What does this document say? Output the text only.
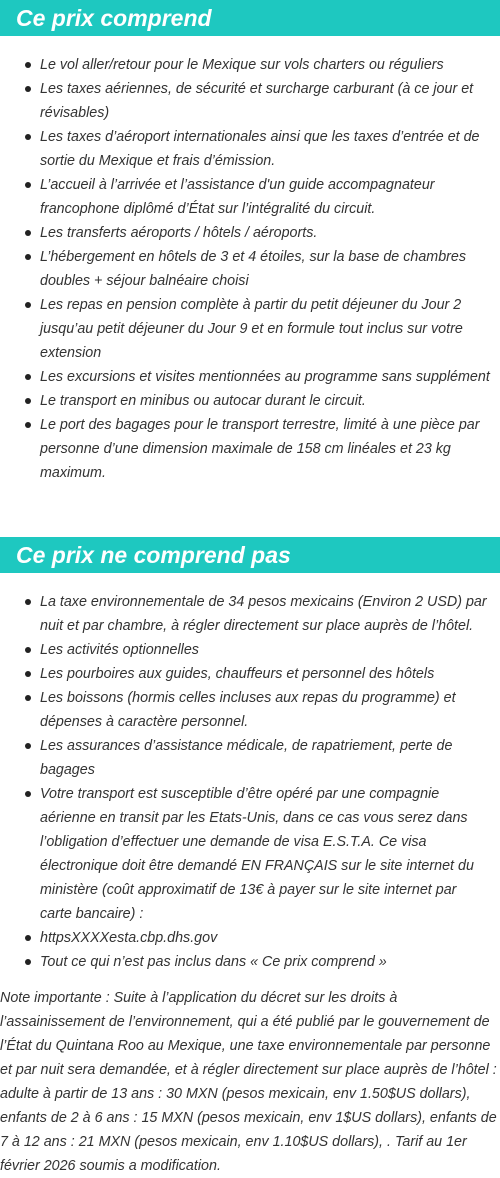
Ce prix comprend
Le vol aller/retour pour le Mexique sur vols charters ou réguliers
Les taxes aériennes, de sécurité et surcharge carburant (à ce jour et révisables)
Les taxes d’aéroport internationales ainsi que les taxes d’entrée et de sortie du Mexique et frais d’émission.
L’accueil à l’arrivée et l’assistance d'un guide accompagnateur francophone diplômé d’État sur l’intégralité du circuit.
Les transferts aéroports / hôtels / aéroports.
L’hébergement en hôtels de 3 et 4 étoiles, sur la base de chambres doubles + séjour balnéaire choisi
Les repas en pension complète à partir du petit déjeuner du Jour 2 jusqu’au petit déjeuner du Jour 9 et en formule tout inclus sur votre extension
Les excursions et visites mentionnées au programme sans supplément
Le transport en minibus ou autocar durant le circuit.
Le port des bagages pour le transport terrestre, limité à une pièce par personne d’une dimension maximale de 158 cm linéales et 23 kg maximum.
Ce prix ne comprend pas
La taxe environnementale de 34 pesos mexicains (Environ 2 USD) par nuit et par chambre, à régler directement sur place auprès de l’hôtel.
Les activités optionnelles
Les pourboires aux guides, chauffeurs et personnel des hôtels
Les boissons (hormis celles incluses aux repas du programme) et dépenses à caractère personnel.
Les assurances d’assistance médicale, de rapatriement, perte de bagages
Votre transport est susceptible d’être opéré par une compagnie aérienne en transit par les Etats-Unis, dans ce cas vous serez dans l’obligation d’effectuer une demande de visa E.S.T.A. Ce visa électronique doit être demandé EN FRANÇAIS sur le site internet du ministère (coût approximatif de 13€ à payer sur le site internet par carte bancaire) :
httpsXXXXesta.cbp.dhs.gov
Tout ce qui n’est pas inclus dans « Ce prix comprend »
Note importante : Suite à l’application du décret sur les droits à l’assainissement de l’environnement, qui a été publié par le gouvernement de l’État du Quintana Roo au Mexique, une taxe environnementale par personne et par nuit sera demandée, et à régler directement sur place auprès de l’hôtel : adulte à partir de 13 ans : 30 MXN (pesos mexicain, env 1.50$US dollars), enfants de 2 à 6 ans : 15 MXN (pesos mexicain, env 1$US dollars), enfants de 7 à 12 ans : 21 MXN (pesos mexicain, env 1.10$US dollars), . Tarif au 1er février 2026 soumis a modification.
